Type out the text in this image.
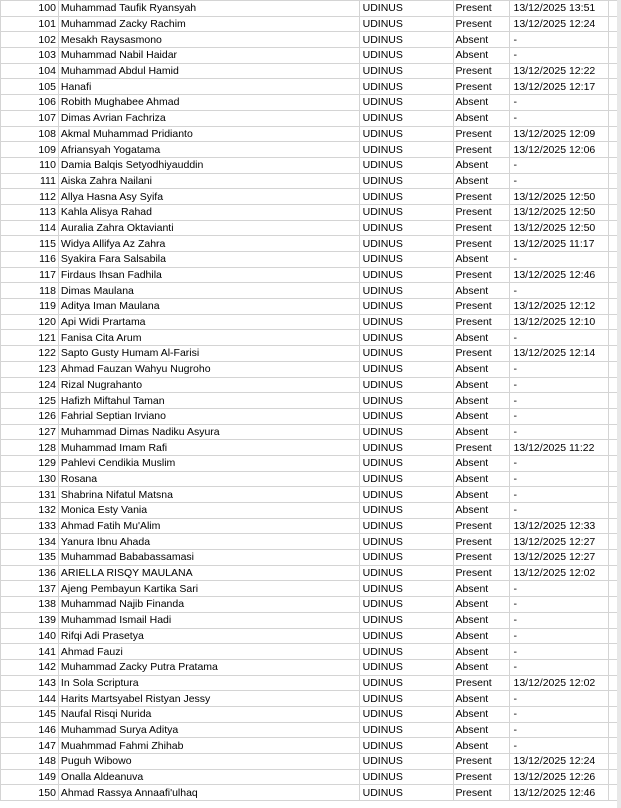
100	Muhammad Taufik Ryansyah	UDINUS	Present	13/12/2025 13:51	
101	Muhammad Zacky Rachim	UDINUS	Present	13/12/2025 12:24	
102	Mesakh Raysasmono	UDINUS	Absent	-	
103	Muhammad Nabil Haidar	UDINUS	Absent	-	
104	Muhammad Abdul Hamid	UDINUS	Present	13/12/2025 12:22	
105	Hanafi	UDINUS	Present	13/12/2025 12:17	
106	Robith Mughabee Ahmad	UDINUS	Absent	-	
107	Dimas Avrian Fachriza	UDINUS	Absent	-	
108	Akmal Muhammad Pridianto	UDINUS	Present	13/12/2025 12:09	
109	Afriansyah Yogatama	UDINUS	Present	13/12/2025 12:06	
110	Damia Balqis Setyodhiyauddin	UDINUS	Absent	-	
111	Aiska Zahra Nailani	UDINUS	Absent	-	
112	Allya Hasna Asy Syifa	UDINUS	Present	13/12/2025 12:50	
113	Kahla Alisya Rahad	UDINUS	Present	13/12/2025 12:50	
114	Auralia Zahra Oktavianti	UDINUS	Present	13/12/2025 12:50	
115	Widya Allifya Az Zahra	UDINUS	Present	13/12/2025 11:17	
116	Syakira Fara Salsabila	UDINUS	Absent	-	
117	Firdaus Ihsan Fadhila	UDINUS	Present	13/12/2025 12:46	
118	Dimas Maulana	UDINUS	Absent	-	
119	Aditya Iman Maulana	UDINUS	Present	13/12/2025 12:12	
120	Api Widi Prartama	UDINUS	Present	13/12/2025 12:10	
121	Fanisa Cita Arum	UDINUS	Absent	-	
122	Sapto Gusty Humam Al-Farisi	UDINUS	Present	13/12/2025 12:14	
123	Ahmad Fauzan Wahyu Nugroho	UDINUS	Absent	-	
124	Rizal Nugrahanto	UDINUS	Absent	-	
125	Hafizh Miftahul Taman	UDINUS	Absent	-	
126	Fahrial Septian Irviano	UDINUS	Absent	-	
127	Muhammad Dimas Nadiku Asyura	UDINUS	Absent	-	
128	Muhammad Imam Rafi	UDINUS	Present	13/12/2025 11:22	
129	Pahlevi Cendikia Muslim	UDINUS	Absent	-	
130	Rosana	UDINUS	Absent	-	
131	Shabrina Nifatul Matsna	UDINUS	Absent	-	
132	Monica Esty Vania	UDINUS	Absent	-	
133	Ahmad Fatih Mu'Alim	UDINUS	Present	13/12/2025 12:33	
134	Yanura Ibnu Ahada	UDINUS	Present	13/12/2025 12:27	
135	Muhammad Bababassamasi	UDINUS	Present	13/12/2025 12:27	
136	ARIELLA RISQY MAULANA	UDINUS	Present	13/12/2025 12:02	
137	Ajeng Pembayun Kartika Sari	UDINUS	Absent	-	
138	Muhammad Najib Finanda	UDINUS	Absent	-	
139	Muhammad Ismail Hadi	UDINUS	Absent	-	
140	Rifqi Adi Prasetya	UDINUS	Absent	-	
141	Ahmad Fauzi	UDINUS	Absent	-	
142	Muhammad Zacky Putra Pratama	UDINUS	Absent	-	
143	In Sola Scriptura	UDINUS	Present	13/12/2025 12:02	
144	Harits Martsyabel Ristyan Jessy	UDINUS	Absent	-	
145	Naufal Risqi Nurida	UDINUS	Absent	-	
146	Muhammad Surya Aditya	UDINUS	Absent	-	
147	Muahmmad Fahmi Zhihab	UDINUS	Absent	-	
148	Puguh Wibowo	UDINUS	Present	13/12/2025 12:24	
149	Onalla Aldeanuva	UDINUS	Present	13/12/2025 12:26	
150	Ahmad Rassya Annaafi'ulhaq	UDINUS	Present	13/12/2025 12:46	
